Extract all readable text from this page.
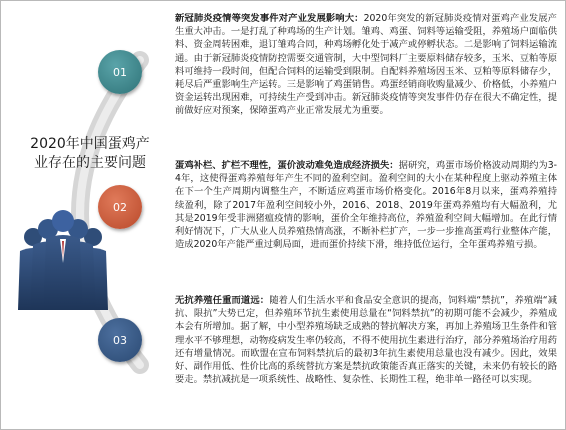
01
02
03
2020年中国蛋鸡产业存在的主要问题
新冠肺炎疫情等突发事件对产业发展影响大：2020年突发的新冠肺炎疫情对蛋鸡产业发展产生重大冲击。一是打乱了种鸡场的生产计划。雏鸡、鸡蛋、饲料等运输受阻，养殖场户面临供料、资金周转困难，退订雏鸡合同，种鸡场孵化处于减产或停孵状态。二是影响了饲料运输流通。由于新冠肺炎疫情防控需要交通管制，大中型饲料厂主要原料储存较多，玉米、豆粕等原料可维持一段时间，但配合饲料的运输受到限制。自配料养殖场因玉米、豆粕等原料储存少，耗尽后严重影响生产运转。三是影响了鸡蛋销售。鸡蛋经销商收购量减少、价格低，小养殖户资金运转出现困难，可持续生产受到冲击。新冠肺炎疫情等突发事件仍存在很大不确定性，提前做好应对预案，保障蛋鸡产业正常发展尤为重要。
蛋鸡补栏、扩栏不理性，蛋价波动难免造成经济损失：据研究，鸡蛋市场价格波动周期约为3-4年，这使得蛋鸡养殖每年产生不同的盈利空间。盈利空间的大小在某种程度上驱动养殖主体在下一个生产周期内调整生产，不断适应鸡蛋市场价格变化。2016年8月以来，蛋鸡养殖持续盈利，除了2017年盈利空间较小外，2016、2018、2019年蛋鸡养殖均有大幅盈利，尤其是2019年受非洲猪瘟疫情的影响，蛋价全年维持高位，养殖盈利空间大幅增加。在此行情利好情况下，广大从业人员养殖热情高涨，不断补栏扩产，一步一步推高蛋鸡行业整体产能，造成2020年产能严重过剩局面，进而蛋价持续下滑，维持低位运行，全年蛋鸡养殖亏损。
无抗养殖任重而道远：随着人们生活水平和食品安全意识的提高，饲料端“禁抗”，养殖端“减抗、限抗”大势已定，但养殖环节抗生素使用总量在“饲料禁抗”的初期可能不会减少，养殖成本会有所增加。据了解，中小型养殖场缺乏成熟的替抗解决方案，再加上养殖场卫生条件和管理水平不够理想，动物疫病发生率仍较高，不得不使用抗生素进行治疗，部分养殖场治疗用药还有增量情况。而欧盟在宣布饲料禁抗后的最初3年抗生素使用总量也没有减少。因此，效果好、副作用低、性价比高的系统替抗方案是禁抗政策能否真正落实的关键，未来仍有较长的路要走。禁抗减抗是一项系统性、战略性、复杂性、长期性工程，绝非单一路径可以实现。
